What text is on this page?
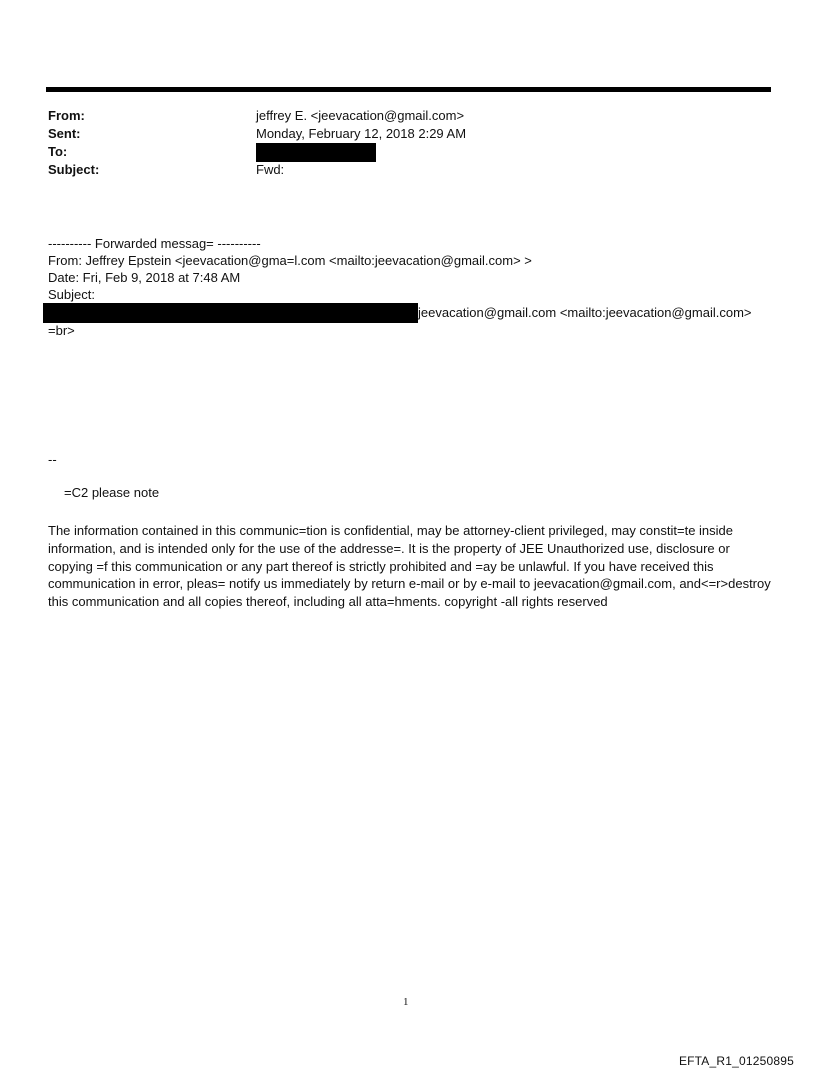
From:	jeffrey E. <jeevacation@gmail.com>
Sent:	Monday, February 12, 2018 2:29 AM
To:
Subject:	Fwd:
---------- Forwarded messag= ----------
From: Jeffrey Epstein <jeevacation@gma=l.com <mailto:jeevacation@gmail.com> >
Date: Fri, Feb 9, 2018 at 7:48 AM
Subject:
jeevacation@gmail.com <mailto:jeevacation@gmail.com>
=br>
--
=C2 please note
The information contained in this communic=tion is confidential, may be attorney-client privileged, may constit=te inside information, and is intended only for the use of the addresse=. It is the property of JEE Unauthorized use, disclosure or copying =f this communication or any part thereof is strictly prohibited and =ay be unlawful. If you have received this communication in error, pleas= notify us immediately by return e-mail or by e-mail to jeevacation@gmail.com, and<=r>destroy this communication and all copies thereof, including all atta=hments. copyright -all rights reserved
1
EFTA_R1_01250895
